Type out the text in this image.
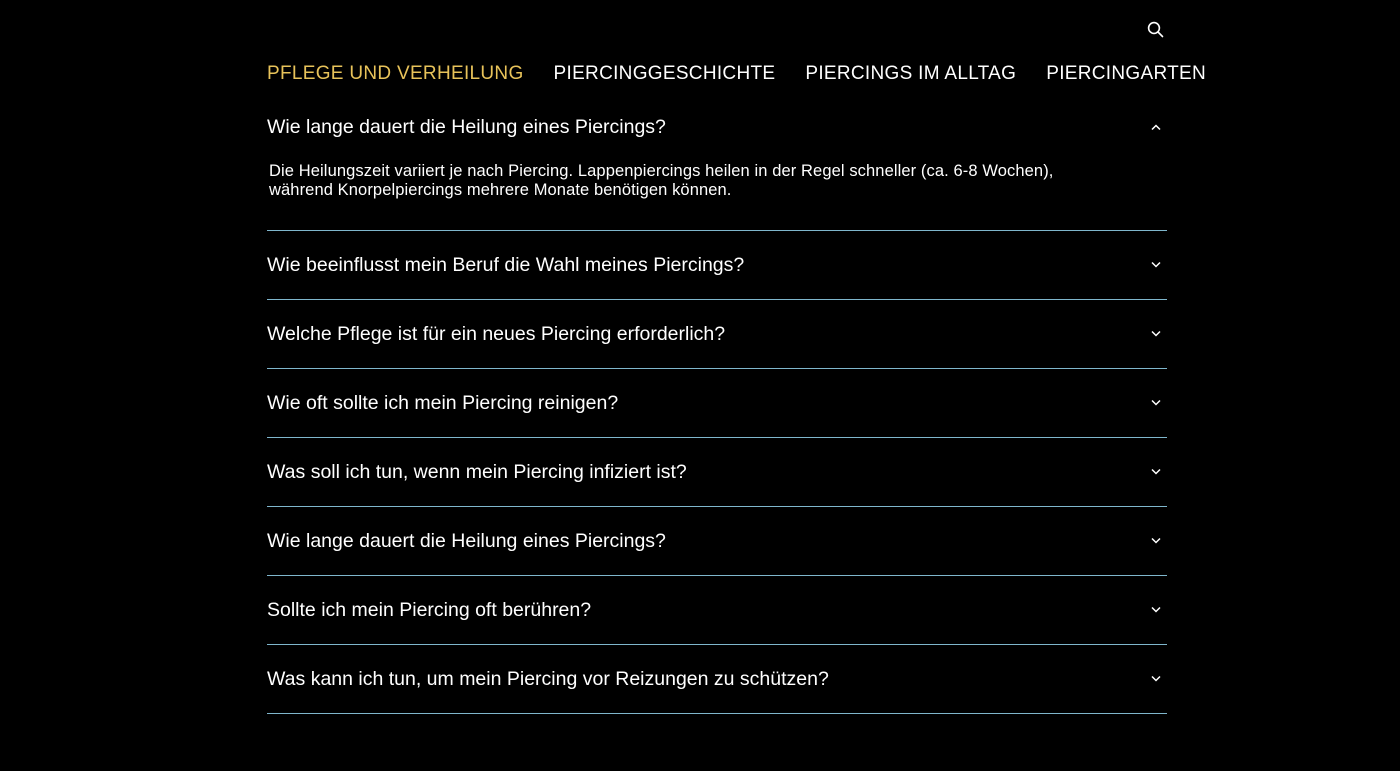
PFLEGE UND VERHEILUNG PIERCINGGESCHICHTE PIERCINGS IM ALLTAG PIERCINGARTEN
Wie lange dauert die Heilung eines Piercings?
Die Heilungszeit variiert je nach Piercing. Lappenpiercings heilen in der Regel schneller (ca. 6-8 Wochen), während Knorpelpiercings mehrere Monate benötigen können.
Wie beeinflusst mein Beruf die Wahl meines Piercings?
Welche Pflege ist für ein neues Piercing erforderlich?
Wie oft sollte ich mein Piercing reinigen?
Was soll ich tun, wenn mein Piercing infiziert ist?
Wie lange dauert die Heilung eines Piercings?
Sollte ich mein Piercing oft berühren?
Was kann ich tun, um mein Piercing vor Reizungen zu schützen?
